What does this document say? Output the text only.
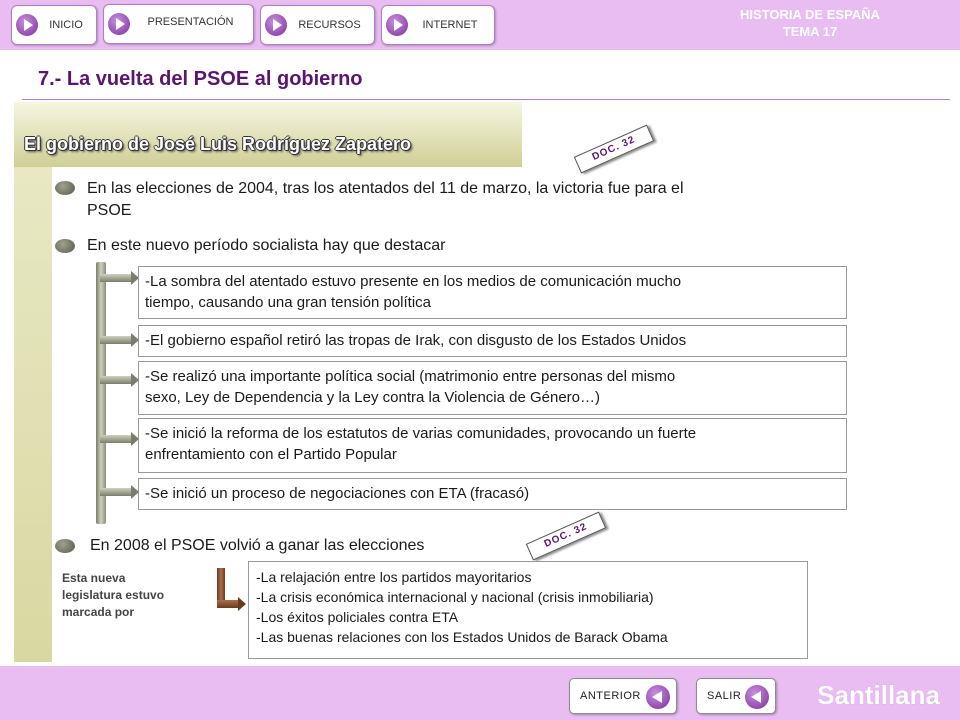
INICIO	PRESENTACIÓN	RECURSOS	INTERNET
HISTORIA DE ESPAÑA
TEMA 17
7.- La vuelta del PSOE al gobierno
El gobierno de José Luis Rodríguez Zapatero	DOC. 32
En las elecciones de 2004, tras los atentados del 11 de marzo, la victoria fue para el
PSOE
En este nuevo período socialista hay que destacar
-La sombra del atentado estuvo presente en los medios de comunicación mucho
tiempo, causando una gran tensión política
-El gobierno español retiró las tropas de Irak, con disgusto de los Estados Unidos
-Se realizó una importante política social (matrimonio entre personas del mismo
sexo, Ley de Dependencia y la Ley contra la Violencia de Género…)
-Se inició la reforma de los estatutos de varias comunidades, provocando un fuerte
enfrentamiento con el Partido Popular
-Se inició un proceso de negociaciones con ETA (fracasó)
En 2008 el PSOE volvió a ganar las elecciones	DOC. 32
Esta nueva
legislatura estuvo
marcada por
-La relajación entre los partidos mayoritarios
-La crisis económica internacional y nacional (crisis inmobiliaria)
-Los éxitos policiales contra ETA
-Las buenas relaciones con los Estados Unidos de Barack Obama
ANTERIOR	SALIR	Santillana
